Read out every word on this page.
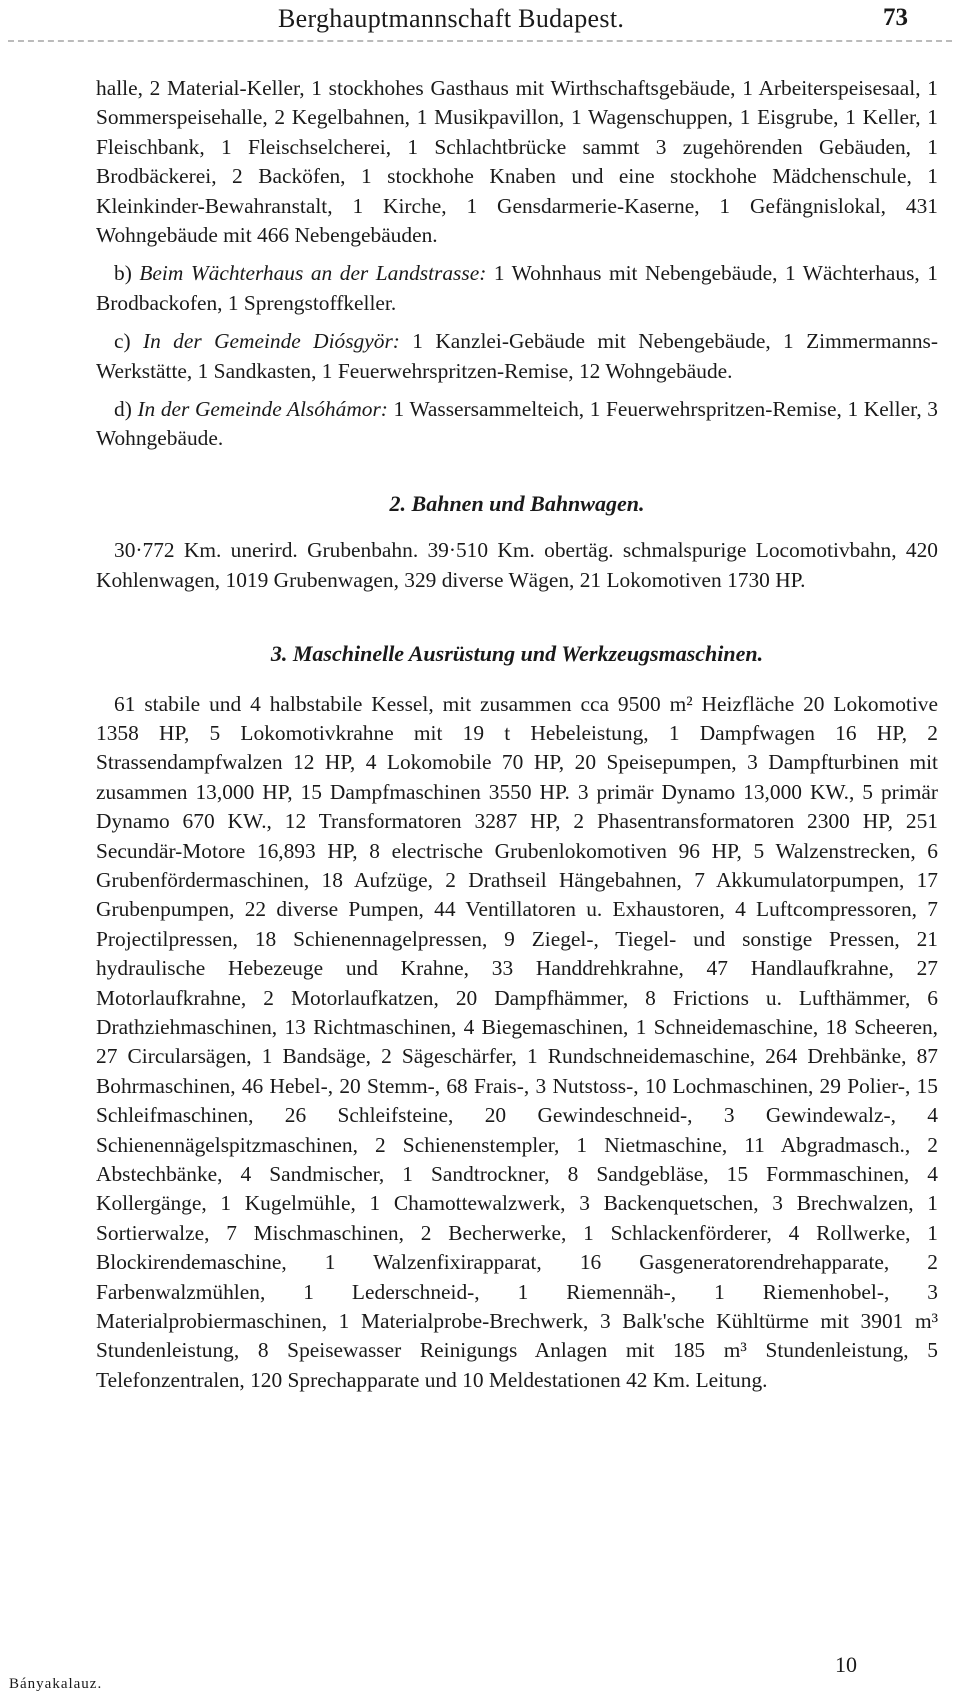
Berghauptmannschaft Budapest.	73

halle, 2 Material-Keller, 1 stockhohes Gasthaus mit Wirthschaftsgebäude, 1 Arbeiterspeisesaal, 1 Sommerspeisehalle, 2 Kegelbahnen, 1 Musikpavillon, 1 Wagenschuppen, 1 Eisgrube, 1 Keller, 1 Fleischbank, 1 Fleischselcherei, 1 Schlachtbrücke sammt 3 zugehörenden Gebäuden, 1 Brodbäckerei, 2 Backöfen, 1 stockhohe Knaben und eine stockhohe Mädchenschule, 1 Kleinkinder-Bewahranstalt, 1 Kirche, 1 Gensdarmerie-Kaserne, 1 Gefängnislokal, 431 Wohngebäude mit 466 Nebengebäuden.

b) Beim Wächterhaus an der Landstrasse: 1 Wohnhaus mit Nebengebäude, 1 Wächterhaus, 1 Brodbackofen, 1 Sprengstoffkeller.

c) In der Gemeinde Diósgyör: 1 Kanzlei-Gebäude mit Nebengebäude, 1 Zimmermanns-Werkstätte, 1 Sandkasten, 1 Feuerwehrspritzen-Remise, 12 Wohngebäude.

d) In der Gemeinde Alsóhámor: 1 Wassersammelteich, 1 Feuerwehrspritzen-Remise, 1 Keller, 3 Wohngebäude.

2. Bahnen und Bahnwagen.

30·772 Km. unerird. Grubenbahn. 39·510 Km. obertäg. schmalspurige Locomotivbahn, 420 Kohlenwagen, 1019 Grubenwagen, 329 diverse Wägen, 21 Lokomotiven 1730 HP.

3. Maschinelle Ausrüstung und Werkzeugsmaschinen.

61 stabile und 4 halbstabile Kessel, mit zusammen cca 9500 m² Heizfläche 20 Lokomotive 1358 HP, 5 Lokomotivkrahne mit 19 t Hebeleistung, 1 Dampfwagen 16 HP, 2 Strassendampfwalzen 12 HP, 4 Lokomobile 70 HP, 20 Speisepumpen, 3 Dampfturbinen mit zusammen 13,000 HP, 15 Dampfmaschinen 3550 HP. 3 primär Dynamo 13,000 KW., 5 primär Dynamo 670 KW., 12 Transformatoren 3287 HP, 2 Phasentransformatoren 2300 HP, 251 Secundär-Motore 16,893 HP, 8 electrische Grubenlokomotiven 96 HP, 5 Walzenstrecken, 6 Grubenfördermaschinen, 18 Aufzüge, 2 Drathseil Hängebahnen, 7 Akkumulatorpumpen, 17 Grubenpumpen, 22 diverse Pumpen, 44 Ventillatoren u. Exhaustoren, 4 Luftcompressoren, 7 Projectilpressen, 18 Schienennagelpressen, 9 Ziegel-, Tiegel- und sonstige Pressen, 21 hydraulische Hebezeuge und Krahne, 33 Handdrehkrahne, 47 Handlaufkrahne, 27 Motorlaufkrahne, 2 Motorlaufkatzen, 20 Dampfhämmer, 8 Frictions u. Lufthämmer, 6 Drathziehmaschinen, 13 Richtmaschinen, 4 Biegemaschinen, 1 Schneidemaschine, 18 Scheeren, 27 Circularsägen, 1 Bandsäge, 2 Sägeschärfer, 1 Rundschneidemaschine, 264 Drehbänke, 87 Bohrmaschinen, 46 Hebel-, 20 Stemm-, 68 Frais-, 3 Nutstoss-, 10 Lochmaschinen, 29 Polier-, 15 Schleifmaschinen, 26 Schleifsteine, 20 Gewindeschneid-, 3 Gewindewalz-, 4 Schienennägelspitzmaschinen, 2 Schienenstempler, 1 Nietmaschine, 11 Abgradmasch., 2 Abstechbänke, 4 Sandmischer, 1 Sandtrockner, 8 Sandgebläse, 15 Formmaschinen, 4 Kollergänge, 1 Kugelmühle, 1 Chamottewalzwerk, 3 Backenquetschen, 3 Brechwalzen, 1 Sortierwalze, 7 Mischmaschinen, 2 Becherwerke, 1 Schlackenförderer, 4 Rollwerke, 1 Blockirendemaschine, 1 Walzenfixirapparat, 16 Gasgeneratorendrehapparate, 2 Farbenwalzmühlen, 1 Lederschneid-, 1 Riemennäh-, 1 Riemenhobel-, 3 Materialprobiermaschinen, 1 Materialprobe-Brechwerk, 3 Balk'sche Kühltürme mit 3901 m³ Stundenleistung, 8 Speisewasser Reinigungs Anlagen mit 185 m³ Stundenleistung, 5 Telefonzentralen, 120 Sprechapparate und 10 Meldestationen 42 Km. Leitung.

Bányakalauz.
10
